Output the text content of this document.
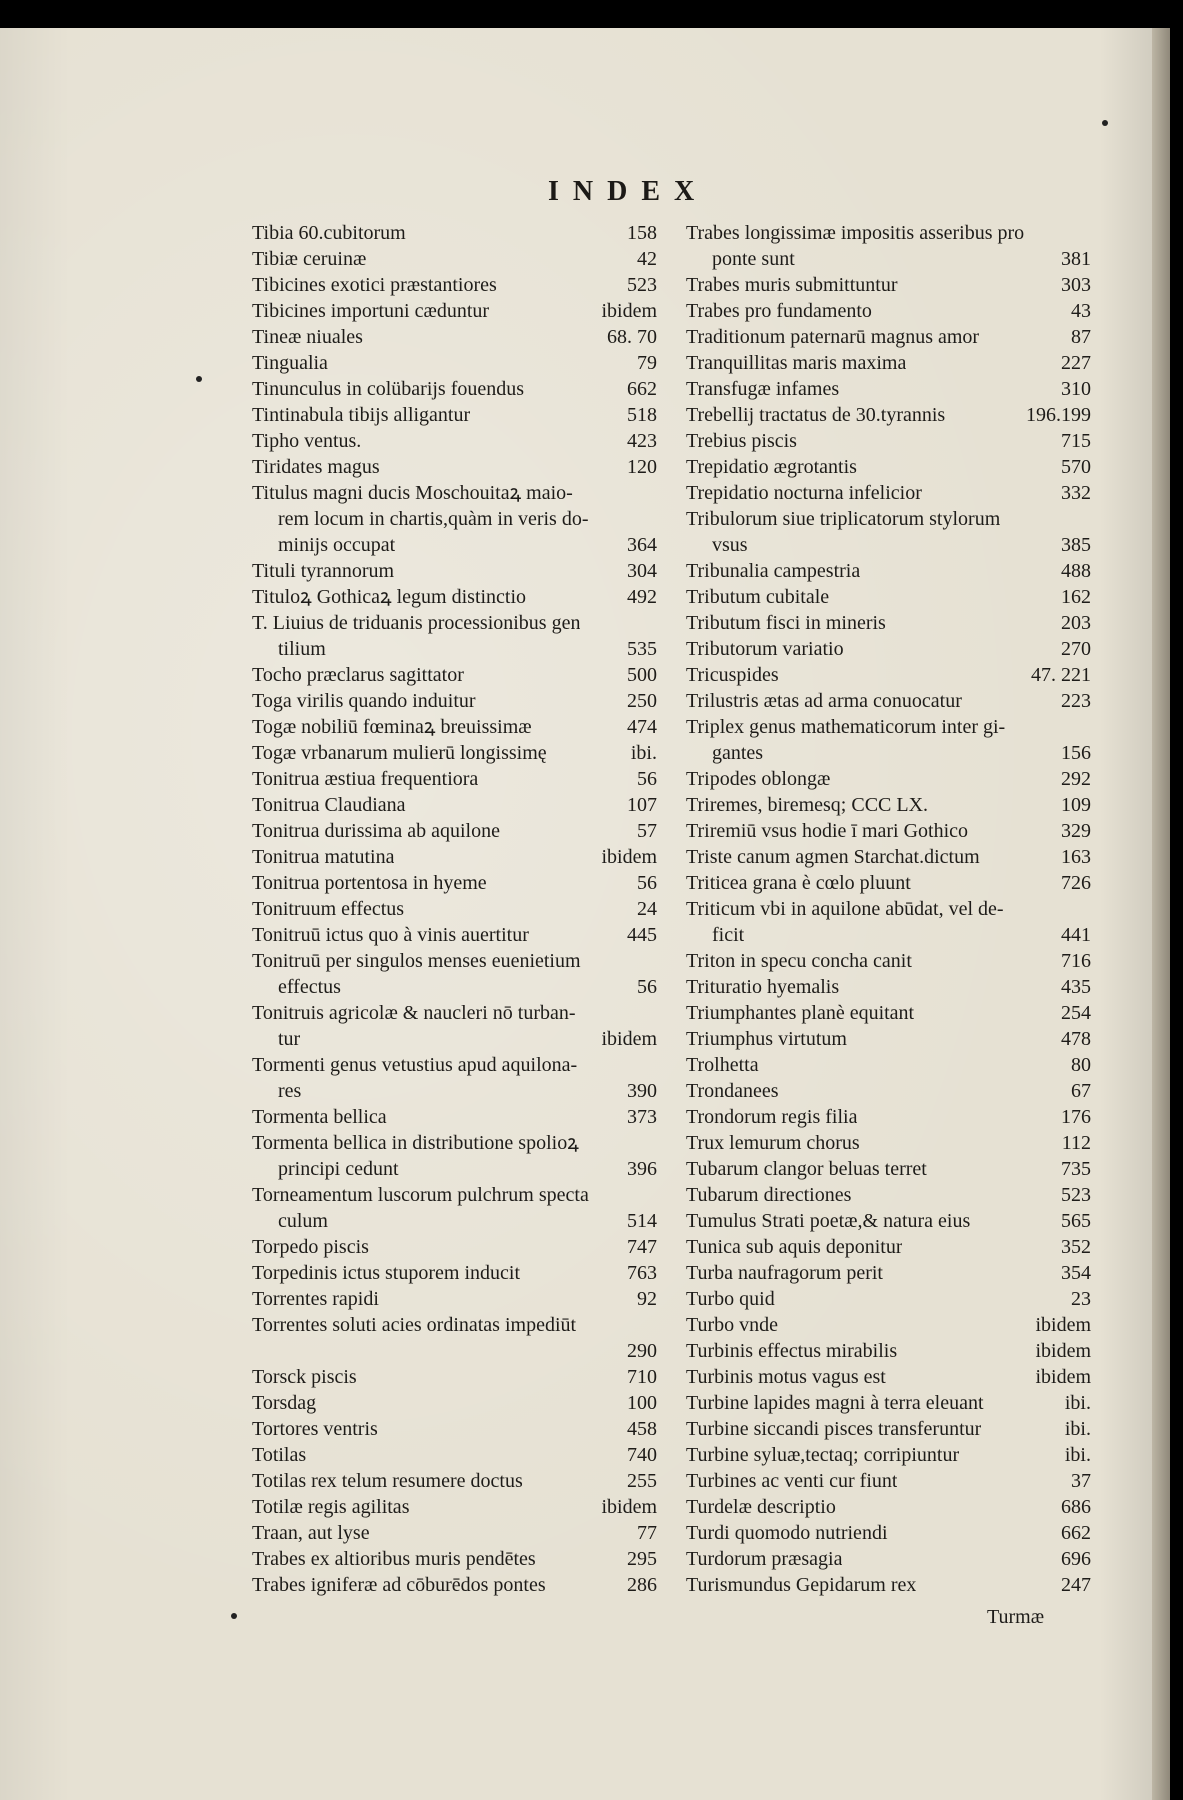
INDEX
Tibia 60.cubitorum	158
Tibiæ ceruinæ	42
Tibicines exotici præstantiores	523
Tibicines importuni cæduntur	ibidem
Tineæ niuales	68. 70
Tingualia	79
Tinunculus in colübarijs fouendus	662
Tintinabula tibijs alligantur	518
Tipho ventus.	423
Tiridates magus	120
Titulus magni ducis Moschouitaꝝ maio-
rem locum in chartis,quàm in veris do-
minijs occupat	364
Tituli tyrannorum	304
Tituloꝝ Gothicaꝝ legum distinctio	492
T. Liuius de triduanis processionibus gen
tilium	535
Tocho præclarus sagittator	500
Toga virilis quando induitur	250
Togæ nobiliū fœminaꝝ breuissimæ	474
Togæ vrbanarum mulierū longissimę	ibi.
Tonitrua æstiua frequentiora	56
Tonitrua Claudiana	107
Tonitrua durissima ab aquilone	57
Tonitrua matutina	ibidem
Tonitrua portentosa in hyeme	56
Tonitruum effectus	24
Tonitruū ictus quo à vinis auertitur	445
Tonitruū per singulos menses euenietium
effectus	56
Tonitruis agricolæ & naucleri nō turban-
tur	ibidem
Tormenti genus vetustius apud aquilona-
res	390
Tormenta bellica	373
Tormenta bellica in distributione spolioꝝ
principi cedunt	396
Torneamentum luscorum pulchrum specta
culum	514
Torpedo piscis	747
Torpedinis ictus stuporem inducit	763
Torrentes rapidi	92
Torrentes soluti acies ordinatas impediūt
290
Torsck piscis	710
Torsdag	100
Tortores ventris	458
Totilas	740
Totilas rex telum resumere doctus	255
Totilæ regis agilitas	ibidem
Traan, aut lyse	77
Trabes ex altioribus muris pendētes	295
Trabes igniferæ ad cōburēdos pontes	286
Trabes longissimæ impositis asseribus pro
ponte sunt	381
Trabes muris submittuntur	303
Trabes pro fundamento	43
Traditionum paternarū magnus amor	87
Tranquillitas maris maxima	227
Transfugæ infames	310
Trebellij tractatus de 30.tyrannis	196.199
Trebius piscis	715
Trepidatio ægrotantis	570
Trepidatio nocturna infelicior	332
Tribulorum siue triplicatorum stylorum
vsus	385
Tribunalia campestria	488
Tributum cubitale	162
Tributum fisci in mineris	203
Tributorum variatio	270
Tricuspides	47. 221
Trilustris ætas ad arma conuocatur	223
Triplex genus mathematicorum inter gi-
gantes	156
Tripodes oblongæ	292
Triremes, biremesq; CCC LX.	109
Triremiū vsus hodie ī mari Gothico	329
Triste canum agmen Starchat.dictum	163
Triticea grana è cœlo pluunt	726
Triticum vbi in aquilone abūdat, vel de-
ficit	441
Triton in specu concha canit	716
Trituratio hyemalis	435
Triumphantes planè equitant	254
Triumphus virtutum	478
Trolhetta	80
Trondanees	67
Trondorum regis filia	176
Trux lemurum chorus	112
Tubarum clangor beluas terret	735
Tubarum directiones	523
Tumulus Strati poetæ,& natura eius	565
Tunica sub aquis deponitur	352
Turba naufragorum perit	354
Turbo quid	23
Turbo vnde	ibidem
Turbinis effectus mirabilis	ibidem
Turbinis motus vagus est	ibidem
Turbine lapides magni à terra eleuant	ibi.
Turbine siccandi pisces transferuntur	ibi.
Turbine syluæ,tectaq; corripiuntur	ibi.
Turbines ac venti cur fiunt	37
Turdelæ descriptio	686
Turdi quomodo nutriendi	662
Turdorum præsagia	696
Turismundus Gepidarum rex	247
Turmæ
